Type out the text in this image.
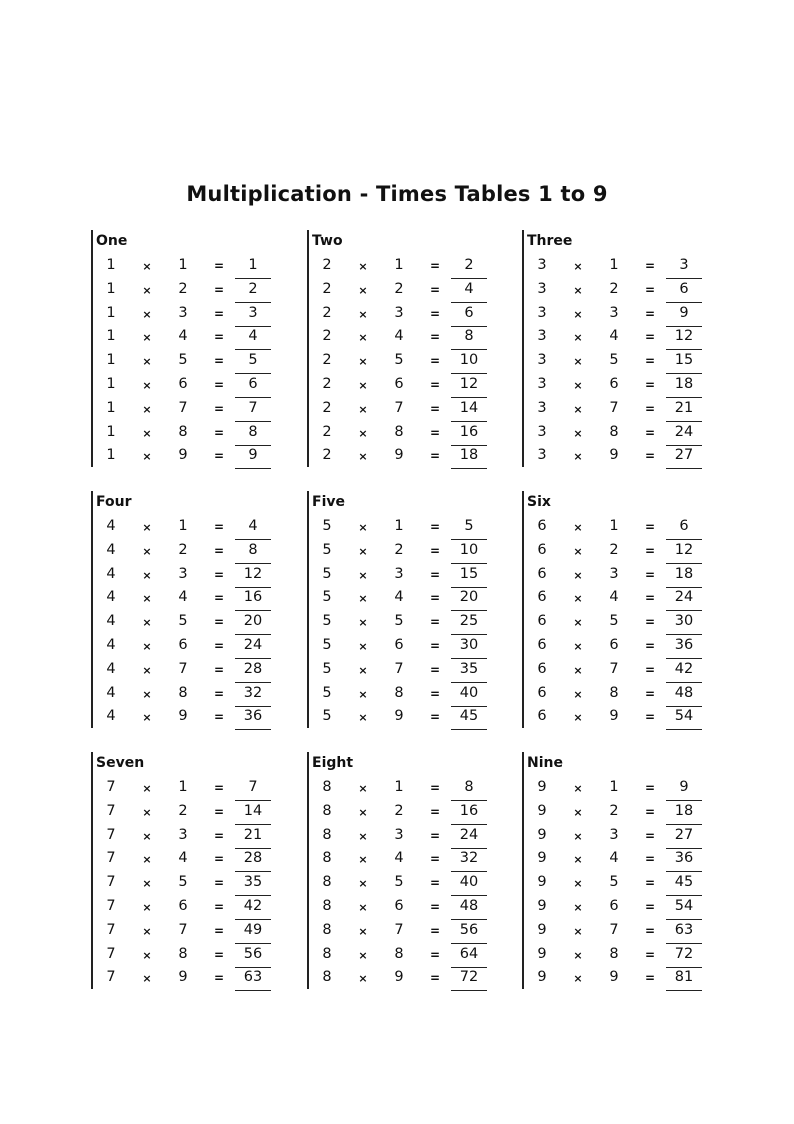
Multiplication - Times Tables 1 to 9
One
1	×	1	=	1
1	×	2	=	2
1	×	3	=	3
1	×	4	=	4
1	×	5	=	5
1	×	6	=	6
1	×	7	=	7
1	×	8	=	8
1	×	9	=	9
Two
2	×	1	=	2
2	×	2	=	4
2	×	3	=	6
2	×	4	=	8
2	×	5	=	10
2	×	6	=	12
2	×	7	=	14
2	×	8	=	16
2	×	9	=	18
Three
3	×	1	=	3
3	×	2	=	6
3	×	3	=	9
3	×	4	=	12
3	×	5	=	15
3	×	6	=	18
3	×	7	=	21
3	×	8	=	24
3	×	9	=	27
Four
4	×	1	=	4
4	×	2	=	8
4	×	3	=	12
4	×	4	=	16
4	×	5	=	20
4	×	6	=	24
4	×	7	=	28
4	×	8	=	32
4	×	9	=	36
Five
5	×	1	=	5
5	×	2	=	10
5	×	3	=	15
5	×	4	=	20
5	×	5	=	25
5	×	6	=	30
5	×	7	=	35
5	×	8	=	40
5	×	9	=	45
Six
6	×	1	=	6
6	×	2	=	12
6	×	3	=	18
6	×	4	=	24
6	×	5	=	30
6	×	6	=	36
6	×	7	=	42
6	×	8	=	48
6	×	9	=	54
Seven
7	×	1	=	7
7	×	2	=	14
7	×	3	=	21
7	×	4	=	28
7	×	5	=	35
7	×	6	=	42
7	×	7	=	49
7	×	8	=	56
7	×	9	=	63
Eight
8	×	1	=	8
8	×	2	=	16
8	×	3	=	24
8	×	4	=	32
8	×	5	=	40
8	×	6	=	48
8	×	7	=	56
8	×	8	=	64
8	×	9	=	72
Nine
9	×	1	=	9
9	×	2	=	18
9	×	3	=	27
9	×	4	=	36
9	×	5	=	45
9	×	6	=	54
9	×	7	=	63
9	×	8	=	72
9	×	9	=	81
